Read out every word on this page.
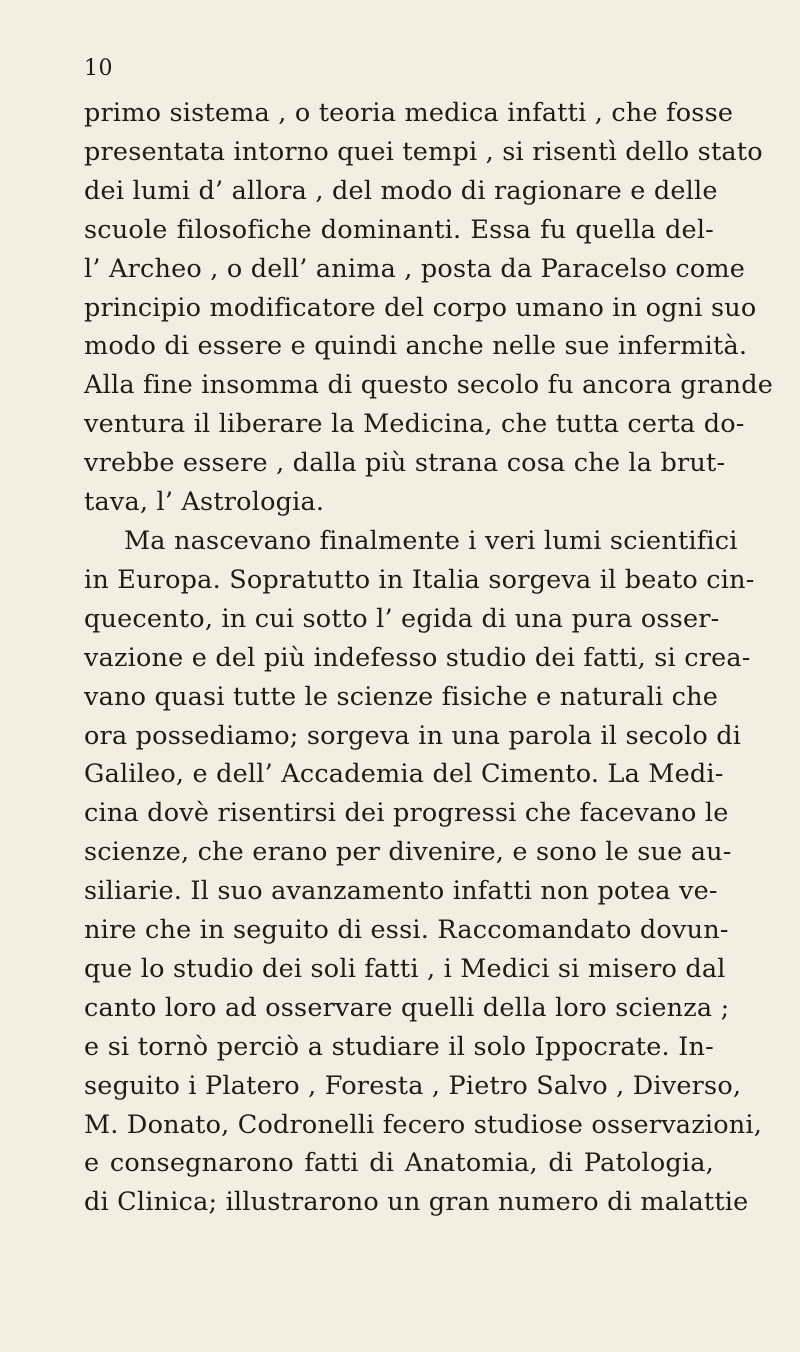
10
primo sistema , o teoria medica infatti , che fosse
presentata intorno quei tempi , si risentì dello stato
dei lumi d’ allora , del modo di ragionare e delle
scuole filosofiche dominanti. Essa fu quella del-
l’ Archeo , o dell’ anima , posta da Paracelso come
principio modificatore del corpo umano in ogni suo
modo di essere e quindi anche nelle sue infermità.
Alla fine insomma di questo secolo fu ancora grande
ventura il liberare la Medicina, che tutta certa do-
vrebbe essere , dalla più strana cosa che la brut-
tava, l’ Astrologia.
Ma nascevano finalmente i veri lumi scientifici
in Europa. Sopratutto in Italia sorgeva il beato cin-
quecento, in cui sotto l’ egida di una pura osser-
vazione e del più indefesso studio dei fatti, si crea-
vano quasi tutte le scienze fisiche e naturali che
ora possediamo; sorgeva in una parola il secolo di
Galileo, e dell’ Accademia del Cimento. La Medi-
cina dovè risentirsi dei progressi che facevano le
scienze, che erano per divenire, e sono le sue au-
siliarie. Il suo avanzamento infatti non potea ve-
nire che in seguito di essi. Raccomandato dovun-
que lo studio dei soli fatti , i Medici si misero dal
canto loro ad osservare quelli della loro scienza ;
e si tornò perciò a studiare il solo Ippocrate. In-
seguito i Platero , Foresta , Pietro Salvo , Diverso,
M. Donato, Codronelli fecero studiose osservazioni,
e consegnarono fatti di Anatomia, di Patologia,
di Clinica; illustrarono un gran numero di malattie
